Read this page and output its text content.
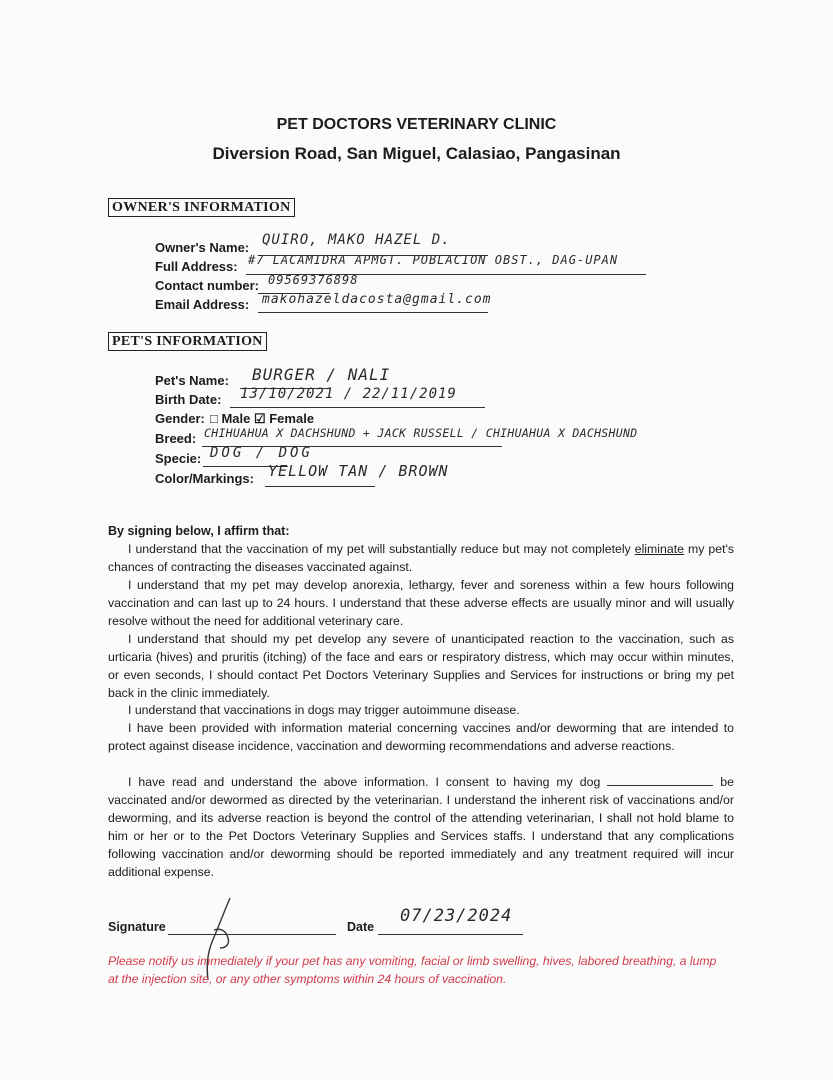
PET DOCTORS VETERINARY CLINIC
Diversion Road, San Miguel, Calasiao, Pangasinan
OWNER'S INFORMATION
Owner's Name: QUIRO, MAKO HAZEL D.
Full Address: #7 LACAMIDRA APMGT. POBLACION OBST., DAG-UPAN
Contact number: 09569376898
Email Address: makohazeldacosta@gmail.com
PET'S INFORMATION
Pet's Name: BURGER / NALI
Birth Date: 13/10/2021 / 22/11/2019
Gender: □ Male ☑ Female
Breed: CHIHUAHUA X DACHSHUND + JACK RUSSELL / CHIHUAHUA X DACHSHUND
Specie: DOG / DOG
Color/Markings: YELLOW TAN / BROWN
By signing below, I affirm that:

I understand that the vaccination of my pet will substantially reduce but may not completely eliminate my pet's chances of contracting the diseases vaccinated against.

I understand that my pet may develop anorexia, lethargy, fever and soreness within a few hours following vaccination and can last up to 24 hours. I understand that these adverse effects are usually minor and will usually resolve without the need for additional veterinary care.

I understand that should my pet develop any severe of unanticipated reaction to the vaccination, such as urticaria (hives) and pruritis (itching) of the face and ears or respiratory distress, which may occur within minutes, or even seconds, I should contact Pet Doctors Veterinary Supplies and Services for instructions or bring my pet back in the clinic immediately.

I understand that vaccinations in dogs may trigger autoimmune disease.

I have been provided with information material concerning vaccines and/or deworming that are intended to protect against disease incidence, vaccination and deworming recommendations and adverse reactions.

I have read and understand the above information. I consent to having my dog	be vaccinated and/or dewormed as directed by the veterinarian. I understand the inherent risk of vaccinations and/or deworming, and its adverse reaction is beyond the control of the attending veterinarian, I shall not hold blame to him or her or to the Pet Doctors Veterinary Supplies and Services staffs. I understand that any complications following vaccination and/or deworming should be reported immediately and any treatment required will incur additional expense.

Signature	Date
07/23/2024
Please notify us immediately if your pet has any vomiting, facial or limb swelling, hives, labored breathing, a lump at the injection site, or any other symptoms within 24 hours of vaccination.
